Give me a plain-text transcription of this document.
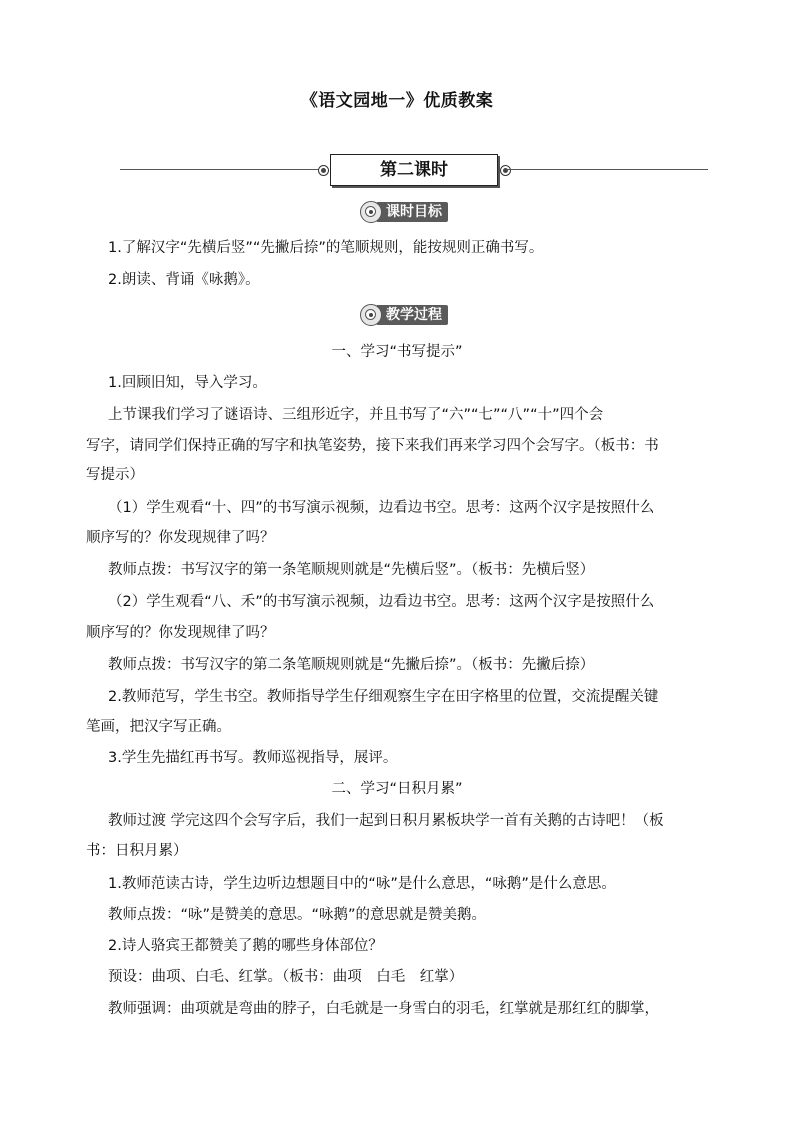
《语文园地一》优质教案
第二课时
课时目标
1.了解汉字“先横后竖”“先撇后捺”的笔顺规则，能按规则正确书写。
2.朗读、背诵《咏鹅》。
教学过程
一、学习“书写提示”
1.回顾旧知，导入学习。
上节课我们学习了谜语诗、三组形近字，并且书写了“六”“七”“八”“十”四个会
写字，请同学们保持正确的写字和执笔姿势，接下来我们再来学习四个会写字。（板书：书
写提示）
（1）学生观看“十、四”的书写演示视频，边看边书空。思考：这两个汉字是按照什么
顺序写的？你发现规律了吗？
教师点拨：书写汉字的第一条笔顺规则就是“先横后竖”。（板书：先横后竖）
（2）学生观看“八、禾”的书写演示视频，边看边书空。思考：这两个汉字是按照什么
顺序写的？你发现规律了吗？
教师点拨：书写汉字的第二条笔顺规则就是“先撇后捺”。（板书：先撇后捺）
2.教师范写，学生书空。教师指导学生仔细观察生字在田字格里的位置，交流提醒关键
笔画，把汉字写正确。
3.学生先描红再书写。教师巡视指导，展评。
二、学习“日积月累”
教师过渡 学完这四个会写字后，我们一起到日积月累板块学一首有关鹅的古诗吧！（板
书：日积月累）
1.教师范读古诗，学生边听边想题目中的“咏”是什么意思，“咏鹅”是什么意思。
教师点拨：“咏”是赞美的意思。“咏鹅”的意思就是赞美鹅。
2.诗人骆宾王都赞美了鹅的哪些身体部位？
预设：曲项、白毛、红掌。（板书：曲项　白毛　红掌）
教师强调：曲项就是弯曲的脖子，白毛就是一身雪白的羽毛，红掌就是那红红的脚掌，
